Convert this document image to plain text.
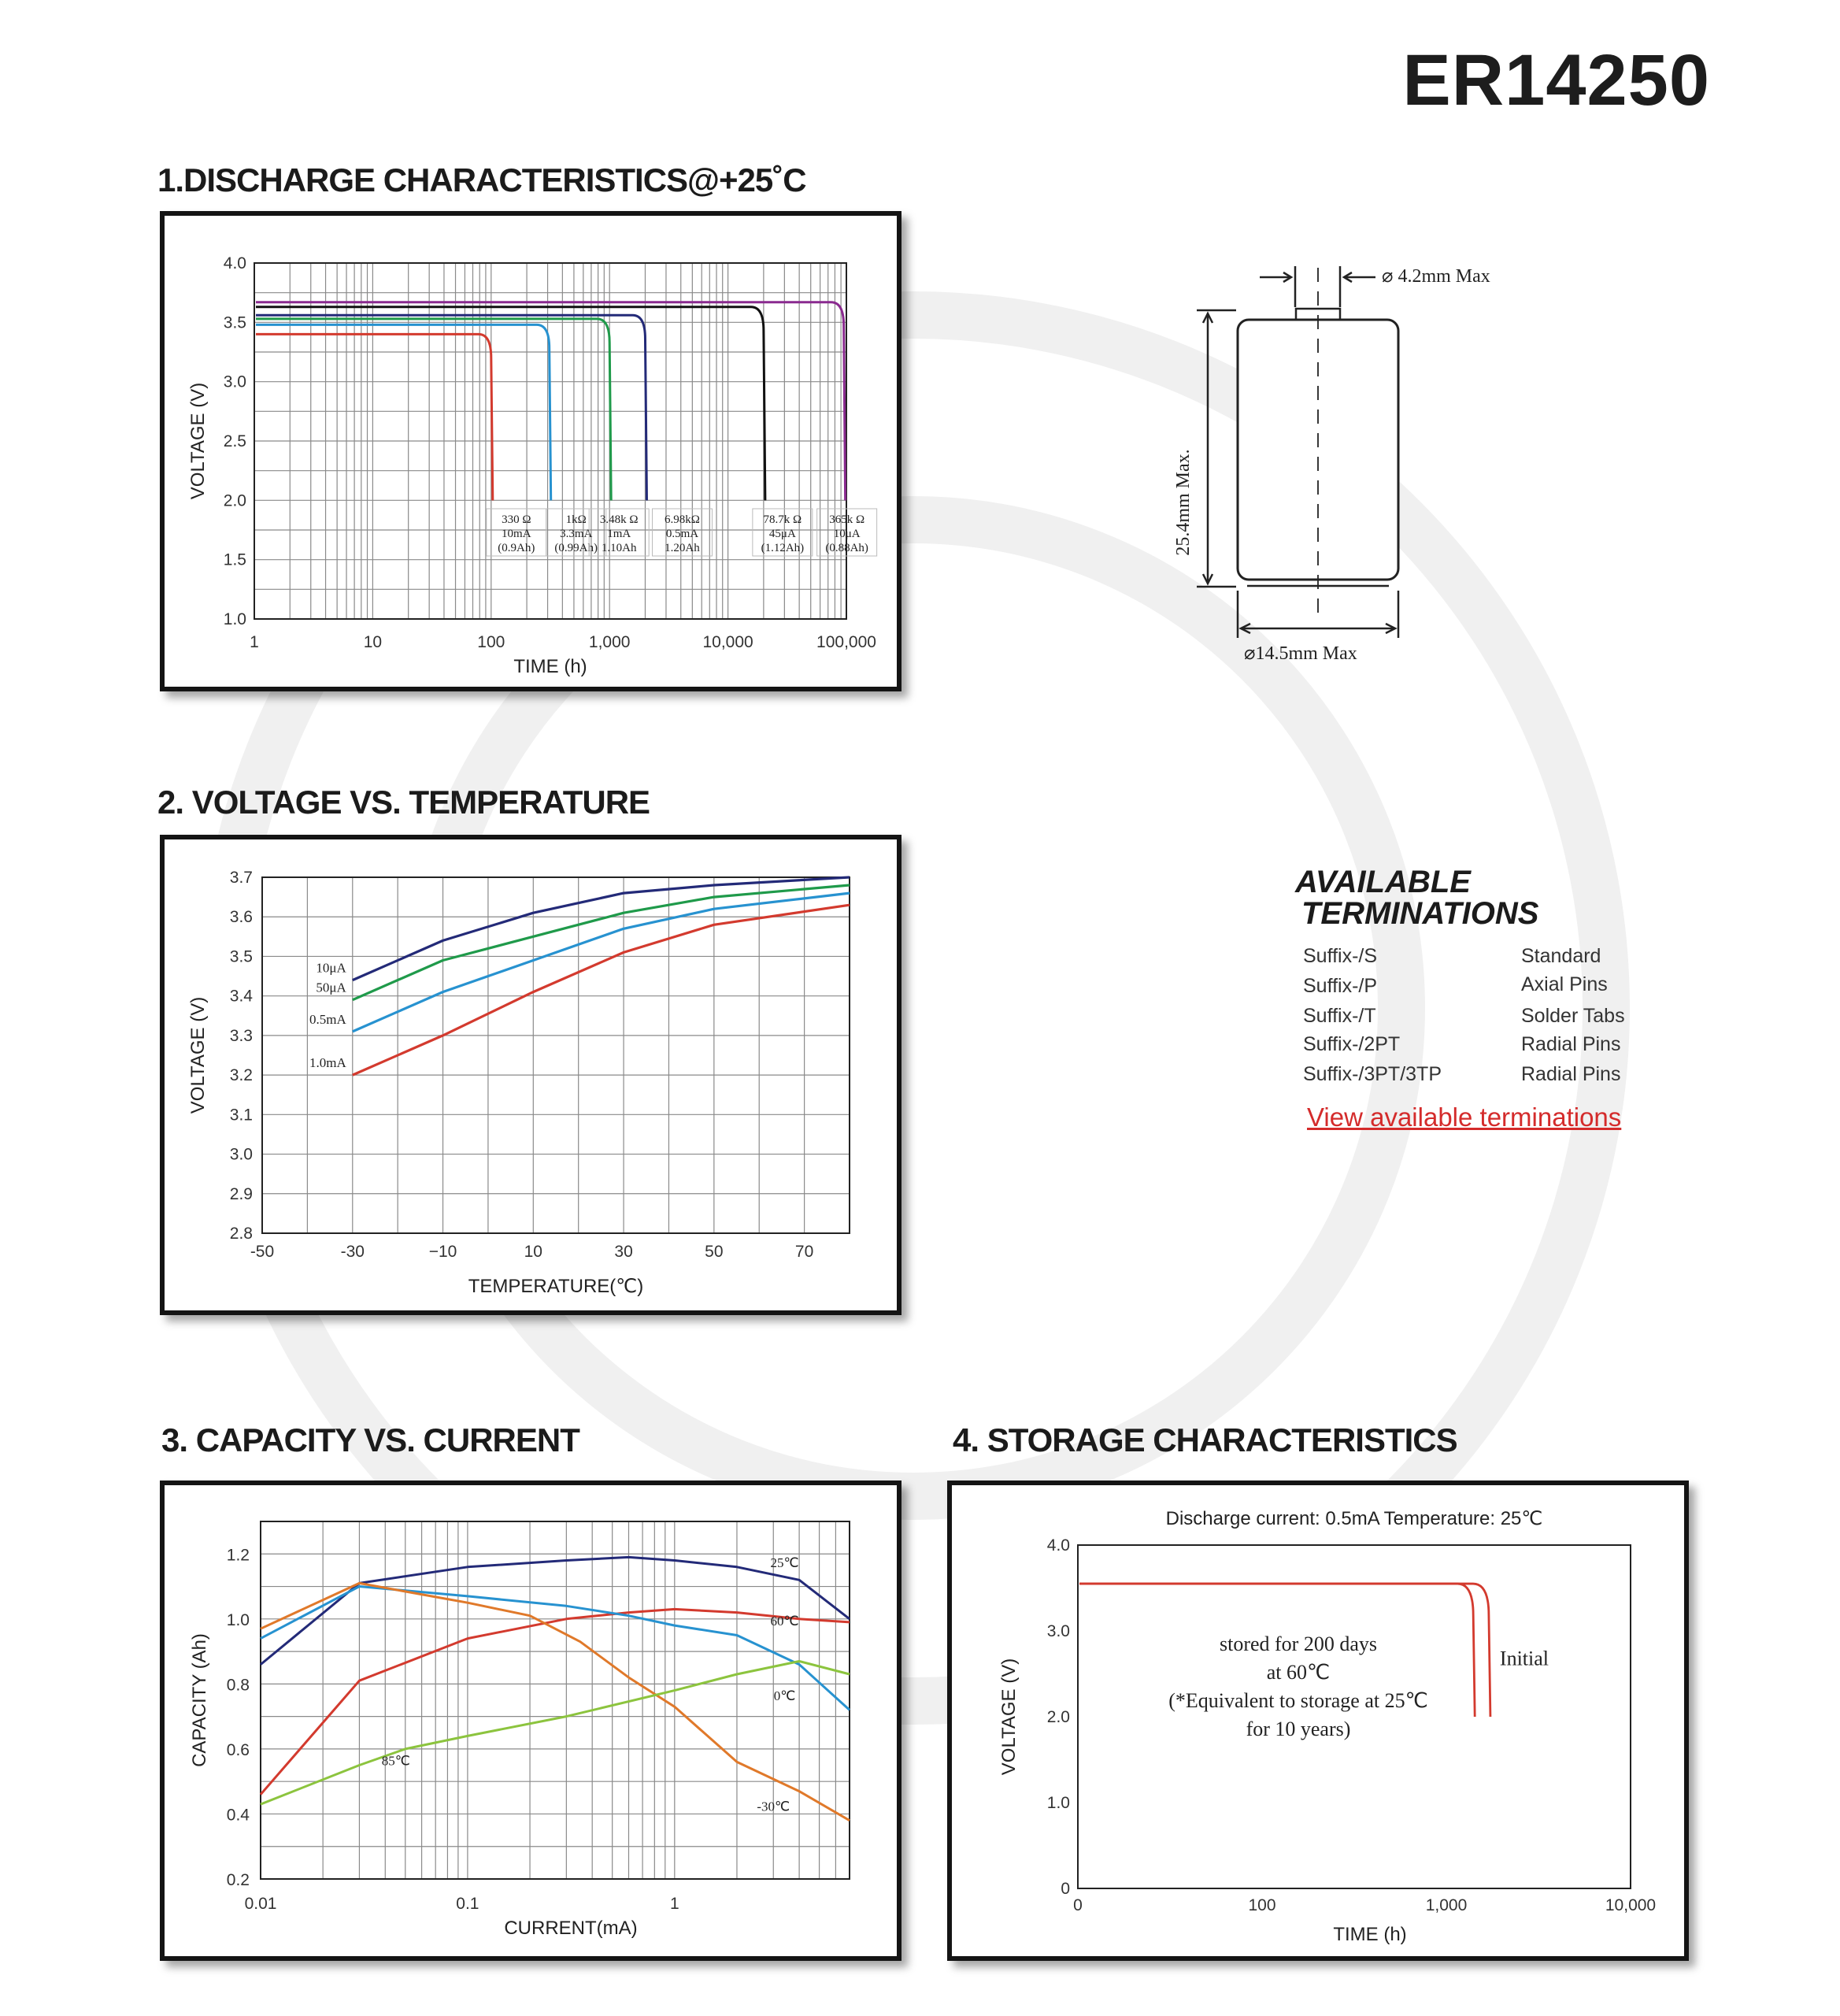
ER14250
1.DISCHARGE CHARACTERISTICS@+25˚C
2. VOLTAGE VS. TEMPERATURE
3. CAPACITY VS. CURRENT	4. STORAGE CHARACTERISTICS
1	10	100	1,000	10,000	100,000
1.0
1.5
2.0
2.5
3.0
3.5
4.0
TIME (h)
VOLTAGE (V)
330 Ω
10mA
(0.9Ah)
1kΩ
3.3mA
(0.99Ah)
3.48k Ω
1mA
1.10Ah
6.98kΩ
0.5mA
1.20Ah
78.7k Ω
45μA
(1.12Ah)
365k Ω
10μA
(0.88Ah)
-50	-30	−10	10	30	50	70
2.8
2.9
3.0
3.1
3.2
3.3
3.4
3.5
3.6
3.7
TEMPERATURE(℃)
VOLTAGE (V)
10μA
50μA
0.5mA
1.0mA
0.01	0.1	1
0.2
0.4
0.6
0.8
1.0
1.2
CURRENT(mA)
CAPACITY (Ah)
25℃
60℃
0℃
-30℃
85℃
0	100	1,000	10,000
0
1.0
2.0
3.0
4.0
TIME (h)
VOLTAGE (V)
Discharge current: 0.5mA Temperature: 25℃
Initial
stored for 200 days
at 60℃
(*Equivalent to storage at 25℃
for 10 years)
⌀ 4.2mm Max
25.4mm Max.
⌀14.5mm Max
AVAILABLE
TERMINATIONS
Suffix-/S	Standard
Suffix-/P	Axial Pins
Suffix-/T	Solder Tabs
Suffix-/2PT	Radial Pins
Suffix-/3PT/3TP	Radial Pins
View available terminations
